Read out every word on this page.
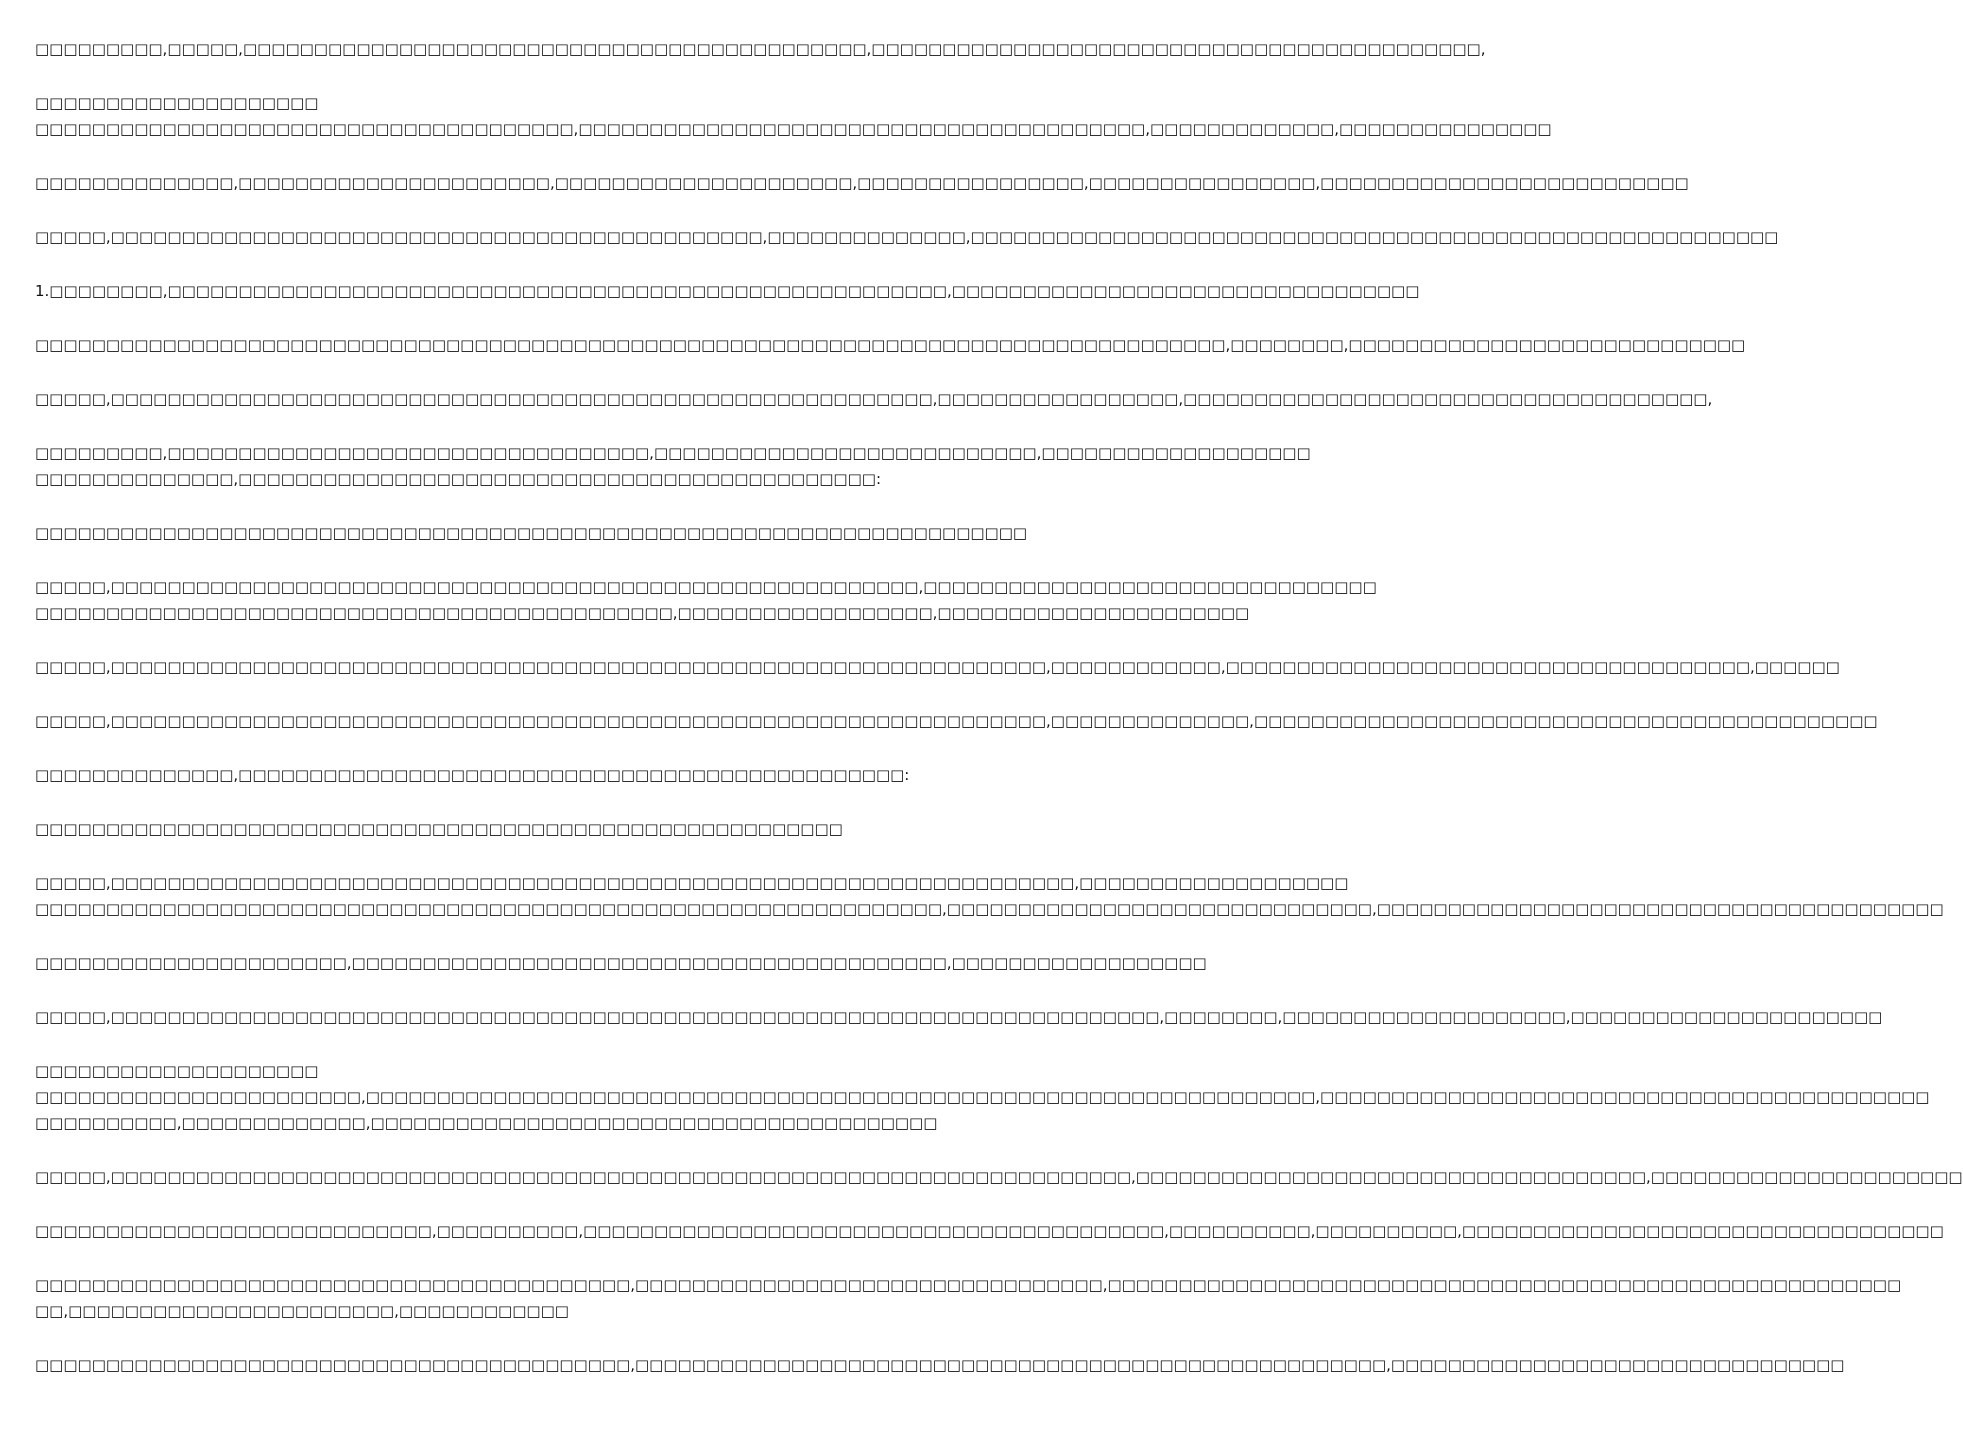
□□□□□□□□□,□□□□□,□□□□□□□□□□□□□□□□□□□□□□□□□□□□□□□□□□□□□□□□□□□□,□□□□□□□□□□□□□□□□□□□□□□□□□□□□□□□□□□□□□□□□□□□,
□□□□□□□□□□□□□□□□□□□□
□□□□□□□□□□□□□□□□□□□□□□□□□□□□□□□□□□□□□□,□□□□□□□□□□□□□□□□□□□□□□□□□□□□□□□□□□□□□□□□,□□□□□□□□□□□□□,□□□□□□□□□□□□□□□
□□□□□□□□□□□□□□,□□□□□□□□□□□□□□□□□□□□□□,□□□□□□□□□□□□□□□□□□□□□,□□□□□□□□□□□□□□□□,□□□□□□□□□□□□□□□□,□□□□□□□□□□□□□□□□□□□□□□□□□□
□□□□□,□□□□□□□□□□□□□□□□□□□□□□□□□□□□□□□□□□□□□□□□□□□□□□,□□□□□□□□□□□□□□,□□□□□□□□□□□□□□□□□□□□□□□□□□□□□□□□□□□□□□□□□□□□□□□□□□□□□□□□□
1.□□□□□□□□,□□□□□□□□□□□□□□□□□□□□□□□□□□□□□□□□□□□□□□□□□□□□□□□□□□□□□□□,□□□□□□□□□□□□□□□□□□□□□□□□□□□□□□□□□
□□□□□□□□□□□□□□□□□□□□□□□□□□□□□□□□□□□□□□□□□□□□□□□□□□□□□□□□□□□□□□□□□□□□□□□□□□□□□□□□□□□□,□□□□□□□□,□□□□□□□□□□□□□□□□□□□□□□□□□□□□
□□□□□,□□□□□□□□□□□□□□□□□□□□□□□□□□□□□□□□□□□□□□□□□□□□□□□□□□□□□□□□□□,□□□□□□□□□□□□□□□□□,□□□□□□□□□□□□□□□□□□□□□□□□□□□□□□□□□□□□□,
□□□□□□□□□,□□□□□□□□□□□□□□□□□□□□□□□□□□□□□□□□□□,□□□□□□□□□□□□□□□□□□□□□□□□□□□,□□□□□□□□□□□□□□□□□□□
□□□□□□□□□□□□□□,□□□□□□□□□□□□□□□□□□□□□□□□□□□□□□□□□□□□□□□□□□□□□:
□□□□□□□□□□□□□□□□□□□□□□□□□□□□□□□□□□□□□□□□□□□□□□□□□□□□□□□□□□□□□□□□□□□□□□
□□□□□,□□□□□□□□□□□□□□□□□□□□□□□□□□□□□□□□□□□□□□□□□□□□□□□□□□□□□□□□□,□□□□□□□□□□□□□□□□□□□□□□□□□□□□□□□□
□□□□□□□□□□□□□□□□□□□□□□□□□□□□□□□□□□□□□□□□□□□□□,□□□□□□□□□□□□□□□□□□,□□□□□□□□□□□□□□□□□□□□□□
□□□□□,□□□□□□□□□□□□□□□□□□□□□□□□□□□□□□□□□□□□□□□□□□□□□□□□□□□□□□□□□□□□□□□□□□,□□□□□□□□□□□□,□□□□□□□□□□□□□□□□□□□□□□□□□□□□□□□□□□□□□,□□□□□□
□□□□□,□□□□□□□□□□□□□□□□□□□□□□□□□□□□□□□□□□□□□□□□□□□□□□□□□□□□□□□□□□□□□□□□□□,□□□□□□□□□□□□□□,□□□□□□□□□□□□□□□□□□□□□□□□□□□□□□□□□□□□□□□□□□□□
□□□□□□□□□□□□□□,□□□□□□□□□□□□□□□□□□□□□□□□□□□□□□□□□□□□□□□□□□□□□□□:
□□□□□□□□□□□□□□□□□□□□□□□□□□□□□□□□□□□□□□□□□□□□□□□□□□□□□□□□□
□□□□□,□□□□□□□□□□□□□□□□□□□□□□□□□□□□□□□□□□□□□□□□□□□□□□□□□□□□□□□□□□□□□□□□□□□□,□□□□□□□□□□□□□□□□□□□
□□□□□□□□□□□□□□□□□□□□□□□□□□□□□□□□□□□□□□□□□□□□□□□□□□□□□□□□□□□□□□□□,□□□□□□□□□□□□□□□□□□□□□□□□□□□□□□,□□□□□□□□□□□□□□□□□□□□□□□□□□□□□□□□□□□□□□□□
□□□□□□□□□□□□□□□□□□□□□□,□□□□□□□□□□□□□□□□□□□□□□□□□□□□□□□□□□□□□□□□□□,□□□□□□□□□□□□□□□□□□
□□□□□,□□□□□□□□□□□□□□□□□□□□□□□□□□□□□□□□□□□□□□□□□□□□□□□□□□□□□□□□□□□□□□□□□□□□□□□□□□,□□□□□□□□,□□□□□□□□□□□□□□□□□□□□,□□□□□□□□□□□□□□□□□□□□□□
□□□□□□□□□□□□□□□□□□□□
□□□□□□□□□□□□□□□□□□□□□□□,□□□□□□□□□□□□□□□□□□□□□□□□□□□□□□□□□□□□□□□□□□□□□□□□□□□□□□□□□□□□□□□□□□□,□□□□□□□□□□□□□□□□□□□□□□□□□□□□□□□□□□□□□□□□□□□
□□□□□□□□□□,□□□□□□□□□□□□□,□□□□□□□□□□□□□□□□□□□□□□□□□□□□□□□□□□□□□□□□
□□□□□,□□□□□□□□□□□□□□□□□□□□□□□□□□□□□□□□□□□□□□□□□□□□□□□□□□□□□□□□□□□□□□□□□□□□□□□□,□□□□□□□□□□□□□□□□□□□□□□□□□□□□□□□□□□□□,□□□□□□□□□□□□□□□□□□□□□□
□□□□□□□□□□□□□□□□□□□□□□□□□□□□,□□□□□□□□□□,□□□□□□□□□□□□□□□□□□□□□□□□□□□□□□□□□□□□□□□□□,□□□□□□□□□□,□□□□□□□□□□,□□□□□□□□□□□□□□□□□□□□□□□□□□□□□□□□□□
□□□□□□□□□□□□□□□□□□□□□□□□□□□□□□□□□□□□□□□□□□,□□□□□□□□□□□□□□□□□□□□□□□□□□□□□□□□□,□□□□□□□□□□□□□□□□□□□□□□□□□□□□□□□□□□□□□□□□□□□□□□□□□□□□□□□□
□□,□□□□□□□□□□□□□□□□□□□□□□□,□□□□□□□□□□□□
□□□□□□□□□□□□□□□□□□□□□□□□□□□□□□□□□□□□□□□□□□,□□□□□□□□□□□□□□□□□□□□□□□□□□□□□□□□□□□□□□□□□□□□□□□□□□□□□,□□□□□□□□□□□□□□□□□□□□□□□□□□□□□□□□
